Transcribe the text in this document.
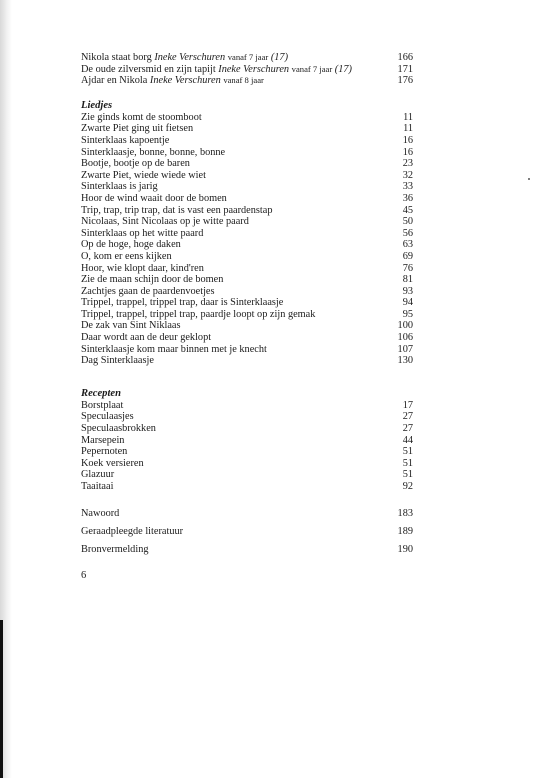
Nikola staat borg Ineke Verschuren vanaf 7 jaar (17)	166
De oude zilversmid en zijn tapijt Ineke Verschuren vanaf 7 jaar (17)	171
Ajdar en Nikola Ineke Verschuren vanaf 8 jaar	176
Liedjes
Zie ginds komt de stoomboot	11
Zwarte Piet ging uit fietsen	11
Sinterklaas kapoentje	16
Sinterklaasje, bonne, bonne, bonne	16
Bootje, bootje op de baren	23
Zwarte Piet, wiede wiede wiet	32
Sinterklaas is jarig	33
Hoor de wind waait door de bomen	36
Trip, trap, trip trap, dat is vast een paardenstap	45
Nicolaas, Sint Nicolaas op je witte paard	50
Sinterklaas op het witte paard	56
Op de hoge, hoge daken	63
O, kom er eens kijken	69
Hoor, wie klopt daar, kind'ren	76
Zie de maan schijn door de bomen	81
Zachtjes gaan de paardenvoetjes	93
Trippel, trappel, trippel trap, daar is Sinterklaasje	94
Trippel, trappel, trippel trap, paardje loopt op zijn gemak	95
De zak van Sint Niklaas	100
Daar wordt aan de deur geklopt	106
Sinterklaasje kom maar binnen met je knecht	107
Dag Sinterklaasje	130
Recepten
Borstplaat	17
Speculaasjes	27
Speculaasbrokken	27
Marsepein	44
Pepernoten	51
Koek versieren	51
Glazuur	51
Taaitaai	92
Nawoord	183
Geraadpleegde literatuur	189
Bronvermelding	190
6
